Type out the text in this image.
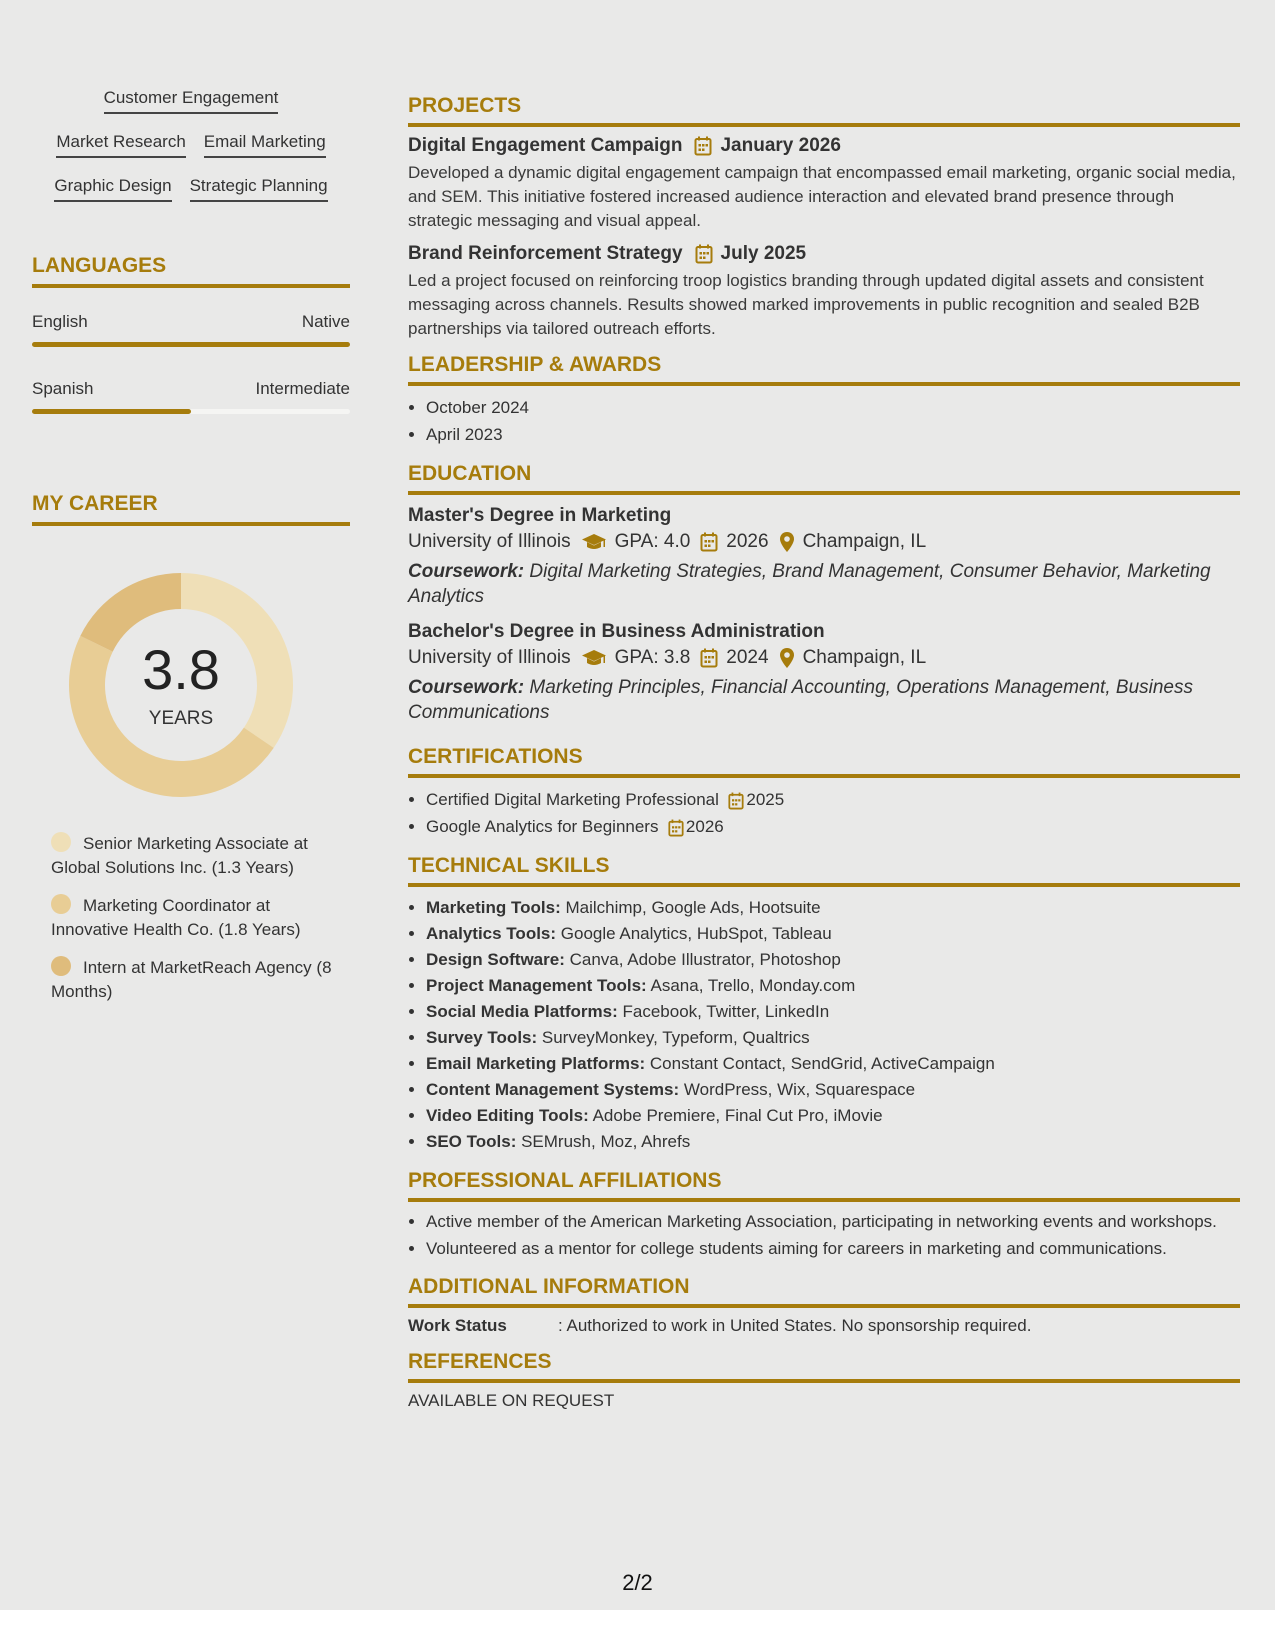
Customer Engagement
Market Research Email Marketing
Graphic Design Strategic Planning
LANGUAGES
English	Native
Spanish	Intermediate
MY CAREER
3.8
YEARS
Senior Marketing Associate at Global Solutions Inc. (1.3 Years)
Marketing Coordinator at Innovative Health Co. (1.8 Years)
Intern at MarketReach Agency (8 Months)
PROJECTS
Digital Engagement Campaign January 2026

Developed a dynamic digital engagement campaign that encompassed email marketing, organic social media, and SEM. This initiative fostered increased audience interaction and elevated brand presence through strategic messaging and visual appeal.

Brand Reinforcement Strategy July 2025

Led a project focused on reinforcing troop logistics branding through updated digital assets and consistent messaging across channels. Results showed marked improvements in public recognition and sealed B2B partnerships via tailored outreach efforts.

LEADERSHIP & AWARDS
• October 2024
• April 2023
EDUCATION
Master's Degree in Marketing
University of Illinois GPA: 4.0 2026 Champaign, IL
Coursework: Digital Marketing Strategies, Brand Management, Consumer Behavior, Marketing Analytics
Bachelor's Degree in Business Administration
University of Illinois GPA: 3.8 2024 Champaign, IL
Coursework: Marketing Principles, Financial Accounting, Operations Management, Business Communications
CERTIFICATIONS
• Certified Digital Marketing Professional 2025
• Google Analytics for Beginners 2026
TECHNICAL SKILLS
• Marketing Tools: Mailchimp, Google Ads, Hootsuite
• Analytics Tools: Google Analytics, HubSpot, Tableau
• Design Software: Canva, Adobe Illustrator, Photoshop
• Project Management Tools: Asana, Trello, Monday.com
• Social Media Platforms: Facebook, Twitter, LinkedIn
• Survey Tools: SurveyMonkey, Typeform, Qualtrics
• Email Marketing Platforms: Constant Contact, SendGrid, ActiveCampaign
• Content Management Systems: WordPress, Wix, Squarespace
• Video Editing Tools: Adobe Premiere, Final Cut Pro, iMovie
• SEO Tools: SEMrush, Moz, Ahrefs
PROFESSIONAL AFFILIATIONS
• Active member of the American Marketing Association, participating in networking events and workshops.
• Volunteered as a mentor for college students aiming for careers in marketing and communications.
ADDITIONAL INFORMATION
Work Status	: Authorized to work in United States. No sponsorship required.
REFERENCES
AVAILABLE ON REQUEST
2/2
